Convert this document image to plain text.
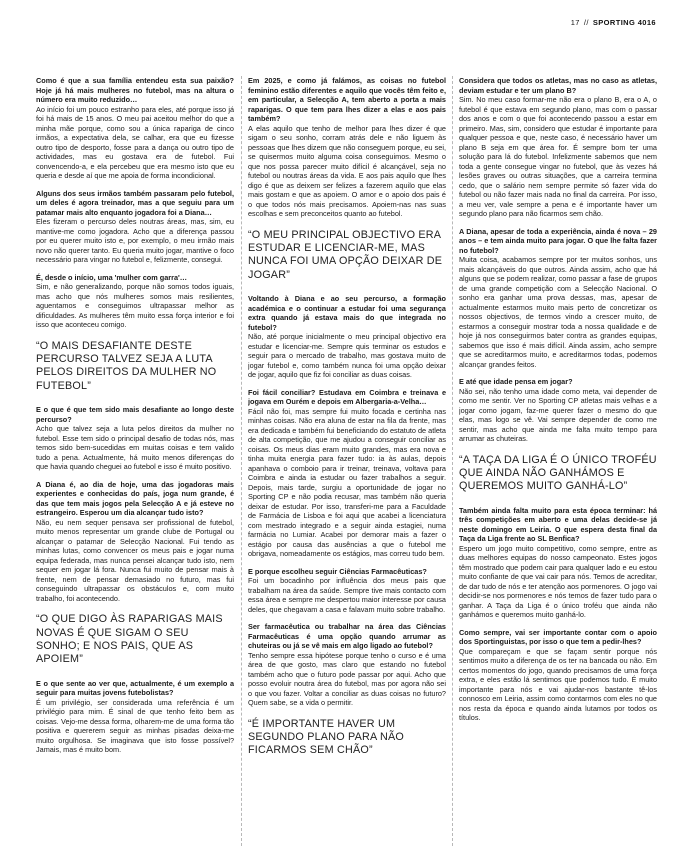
17 // SPORTING 4016

Como é que a sua família entendeu esta sua paixão? Hoje já há mais mulheres no futebol, mas na altura o número era muito reduzido…

Ao início foi um pouco estranho para eles, até porque isso já foi há mais de 15 anos. O meu pai aceitou melhor do que a minha mãe porque, como sou a única rapariga de cinco irmãos, a expectativa dela, se calhar, era que eu fizesse outro tipo de desporto, fosse para a dança ou outro tipo de actividades, mas eu gostava era de futebol. Fui convencendo-a, e ela percebeu que era mesmo isto que eu queria e desde aí que me apoia de forma incondicional.

Alguns dos seus irmãos também passaram pelo futebol, um deles é agora treinador, mas a que seguiu para um patamar mais alto enquanto jogadora foi a Diana…

Eles fizeram o percurso deles noutras áreas, mas, sim, eu mantive-me como jogadora. Acho que a diferença passou por eu querer muito isto e, por exemplo, o meu irmão mais novo não querer tanto. Eu queria muito jogar, mantive o foco necessário para vingar no futebol e, felizmente, consegui.

É, desde o início, uma 'mulher com garra'…

Sim, e não generalizando, porque não somos todos iguais, mas acho que nós mulheres somos mais resilientes, aguentamos e conseguimos ultrapassar melhor as dificuldades. As mulheres têm muito essa força interior e foi isso que aconteceu comigo.

“O MAIS DESAFIANTE DESTE PERCURSO TALVEZ SEJA A LUTA PELOS DIREITOS DA MULHER NO FUTEBOL”

E o que é que tem sido mais desafiante ao longo deste percurso?

Acho que talvez seja a luta pelos direitos da mulher no futebol. Esse tem sido o principal desafio de todas nós, mas temos sido bem-sucedidas em muitas coisas e tem valido tudo a pena. Actualmente, há muito menos diferenças do que havia quando cheguei ao futebol e isso é muito positivo.

A Diana é, ao dia de hoje, uma das jogadoras mais experientes e conhecidas do país, joga num grande, é das que tem mais jogos pela Selecção A e já esteve no estrangeiro. Esperou um dia alcançar tudo isto?

Não, eu nem sequer pensava ser profissional de futebol, muito menos representar um grande clube de Portugal ou alcançar o patamar de Selecção Nacional. Fui tendo as minhas lutas, como convencer os meus pais e jogar numa equipa federada, mas nunca pensei alcançar tudo isto, nem sequer em jogar lá fora. Nunca fui muito de pensar mais à frente, nem de pensar demasiado no futuro, mas fui conseguindo ultrapassar os obstáculos e, com muito trabalho, foi acontecendo.

“O QUE DIGO ÀS RAPARIGAS MAIS NOVAS É QUE SIGAM O SEU SONHO; E NOS PAIS, QUE AS APOIEM”

E o que sente ao ver que, actualmente, é um exemplo a seguir para muitas jovens futebolistas?

É um privilégio, ser considerada uma referência é um privilégio para mim. É sinal de que tenho feito bem as coisas. Vejo-me dessa forma, olharem-me de uma forma tão positiva e quererem seguir as minhas pisadas deixa-me muito orgulhosa. Se imaginava que isto fosse possível? Jamais, mas é muito bom.

Em 2025, e como já falámos, as coisas no futebol feminino estão diferentes e aquilo que vocês têm feito e, em particular, a Selecção A, tem aberto a porta a mais raparigas. O que tem para lhes dizer a elas e aos pais também?

A elas aquilo que tenho de melhor para lhes dizer é que sigam o seu sonho, corram atrás dele e não liguem às pessoas que lhes dizem que não conseguem porque, eu sei, se quisermos muito alguma coisa conseguimos. Mesmo o que nos possa parecer muito difícil é alcançável, seja no futebol ou noutras áreas da vida. E aos pais aquilo que lhes digo é que as deixem ser felizes a fazerem aquilo que elas mais gostam e que as apoiem. O amor e o apoio dos pais é o que todos nós mais precisamos. Apoiem-nas nas suas escolhas e sem preconceitos quanto ao futebol.

“O MEU PRINCIPAL OBJECTIVO ERA ESTUDAR E LICENCIAR-ME, MAS NUNCA FOI UMA OPÇÃO DEIXAR DE JOGAR”

Voltando à Diana e ao seu percurso, a formação académica e o continuar a estudar foi uma segurança extra quando já estava mais do que integrada no futebol?

Não, até porque inicialmente o meu principal objectivo era estudar e licenciar-me. Sempre quis terminar os estudos e seguir para o mercado de trabalho, mas gostava muito de jogar futebol e, como também nunca foi uma opção deixar de jogar, aquilo que fiz foi conciliar as duas coisas.

Foi fácil conciliar? Estudava em Coimbra e treinava e jogava em Ourém e depois em Albergaria-a-Velha…

Fácil não foi, mas sempre fui muito focada e certinha nas minhas coisas. Não era aluna de estar na fila da frente, mas era dedicada e também fui beneficiando do estatuto de atleta de alta competição, que me ajudou a conseguir conciliar as coisas. Os meus dias eram muito grandes, mas era nova e tinha muita energia para fazer tudo: ia às aulas, depois apanhava o comboio para ir treinar, treinava, voltava para Coimbra e ainda ia estudar ou fazer trabalhos a seguir. Depois, mais tarde, surgiu a oportunidade de jogar no Sporting CP e não podia recusar, mas também não queria deixar de estudar. Por isso, transferi-me para a Faculdade de Farmácia de Lisboa e foi aqui que acabei a licenciatura com mestrado integrado e a seguir ainda estagiei, numa farmácia no Lumiar. Acabei por demorar mais a fazer o estágio por causa das ausências a que o futebol me obrigava, nomeadamente os estágios, mas correu tudo bem.

E porque escolheu seguir Ciências Farmacêuticas?

Foi um bocadinho por influência dos meus pais que trabalham na área da saúde. Sempre tive mais contacto com essa área e sempre me despertou maior interesse por causa deles, que chegavam a casa e falavam muito sobre trabalho.

Ser farmacêutica ou trabalhar na área das Ciências Farmacêuticas é uma opção quando arrumar as chuteiras ou já se vê mais em algo ligado ao futebol?

Tenho sempre essa hipótese porque tenho o curso e é uma área de que gosto, mas claro que estando no futebol também acho que o futuro pode passar por aqui. Acho que posso evoluir noutra área do futebol, mas por agora não sei o que vou fazer. Voltar a conciliar as duas coisas no futuro? Quem sabe, se a vida o permitir.

“É IMPORTANTE HAVER UM SEGUNDO PLANO PARA NÃO FICARMOS SEM CHÃO”

Considera que todos os atletas, mas no caso as atletas, deviam estudar e ter um plano B?

Sim. No meu caso formar-me não era o plano B, era o A, o futebol é que estava em segundo plano, mas com o passar dos anos e com o que foi acontecendo passou a estar em primeiro. Mas, sim, considero que estudar é importante para qualquer pessoa e que, neste caso, é necessário haver um plano B seja em que área for. É sempre bom ter uma solução para lá do futebol. Infelizmente sabemos que nem toda a gente consegue vingar no futebol, que às vezes há lesões graves ou outras situações, que a carreira termina cedo, que o salário nem sempre permite só fazer vida do futebol ou não fazer mais nada no final da carreira. Por isso, a meu ver, vale sempre a pena e é importante haver um segundo plano para não ficarmos sem chão.

A Diana, apesar de toda a experiência, ainda é nova – 29 anos – e tem ainda muito para jogar. O que lhe falta fazer no futebol?

Muita coisa, acabamos sempre por ter muitos sonhos, uns mais alcançáveis do que outros. Ainda assim, acho que há alguns que se podem realizar, como passar a fase de grupos de uma grande competição com a Selecção Nacional. O sonho era ganhar uma prova dessas, mas, apesar de actualmente estarmos muito mais perto de concretizar os nossos objectivos, de termos vindo a crescer muito, de estarmos a conseguir mostrar toda a nossa qualidade e de hoje já nos conseguirmos bater contra as grandes equipas, sabemos que isso é mais difícil. Ainda assim, acho sempre que se acreditarmos muito, e acreditarmos todas, podemos alcançar grandes feitos.

E até que idade pensa em jogar?

Não sei, não tenho uma idade como meta, vai depender de como me sentir. Ver no Sporting CP atletas mais velhas e a jogar como jogam, faz-me querer fazer o mesmo do que elas, mas logo se vê. Vai sempre depender de como me sentir, mas acho que ainda me falta muito tempo para arrumar as chuteiras.

“A TAÇA DA LIGA É O ÚNICO TROFÉU QUE AINDA NÃO GANHÁMOS E QUEREMOS MUITO GANHÁ-LO”

Também ainda falta muito para esta época terminar: há três competições em aberto e uma delas decide-se já neste domingo em Leiria. O que espera desta final da Taça da Liga frente ao SL Benfica?

Espero um jogo muito competitivo, como sempre, entre as duas melhores equipas do nosso campeonato. Estes jogos têm mostrado que podem cair para qualquer lado e eu estou muito confiante de que vai cair para nós. Temos de acreditar, de dar tudo de nós e ter atenção aos pormenores. O jogo vai decidir-se nos pormenores e nós temos de fazer tudo para o ganhar. A Taça da Liga é o único troféu que ainda não ganhámos e queremos muito ganhá-lo.

Como sempre, vai ser importante contar com o apoio dos Sportinguistas, por isso o que tem a pedir-lhes?

Que compareçam e que se façam sentir porque nós sentimos muito a diferença de os ter na bancada ou não. Em certos momentos do jogo, quando precisamos de uma força extra, e eles estão lá sentimos que podemos tudo. É muito importante para nós e vai ajudar-nos bastante tê-los connosco em Leiria, assim como contarmos com eles no que nos resta da época e quando ainda lutamos por todos os títulos.
